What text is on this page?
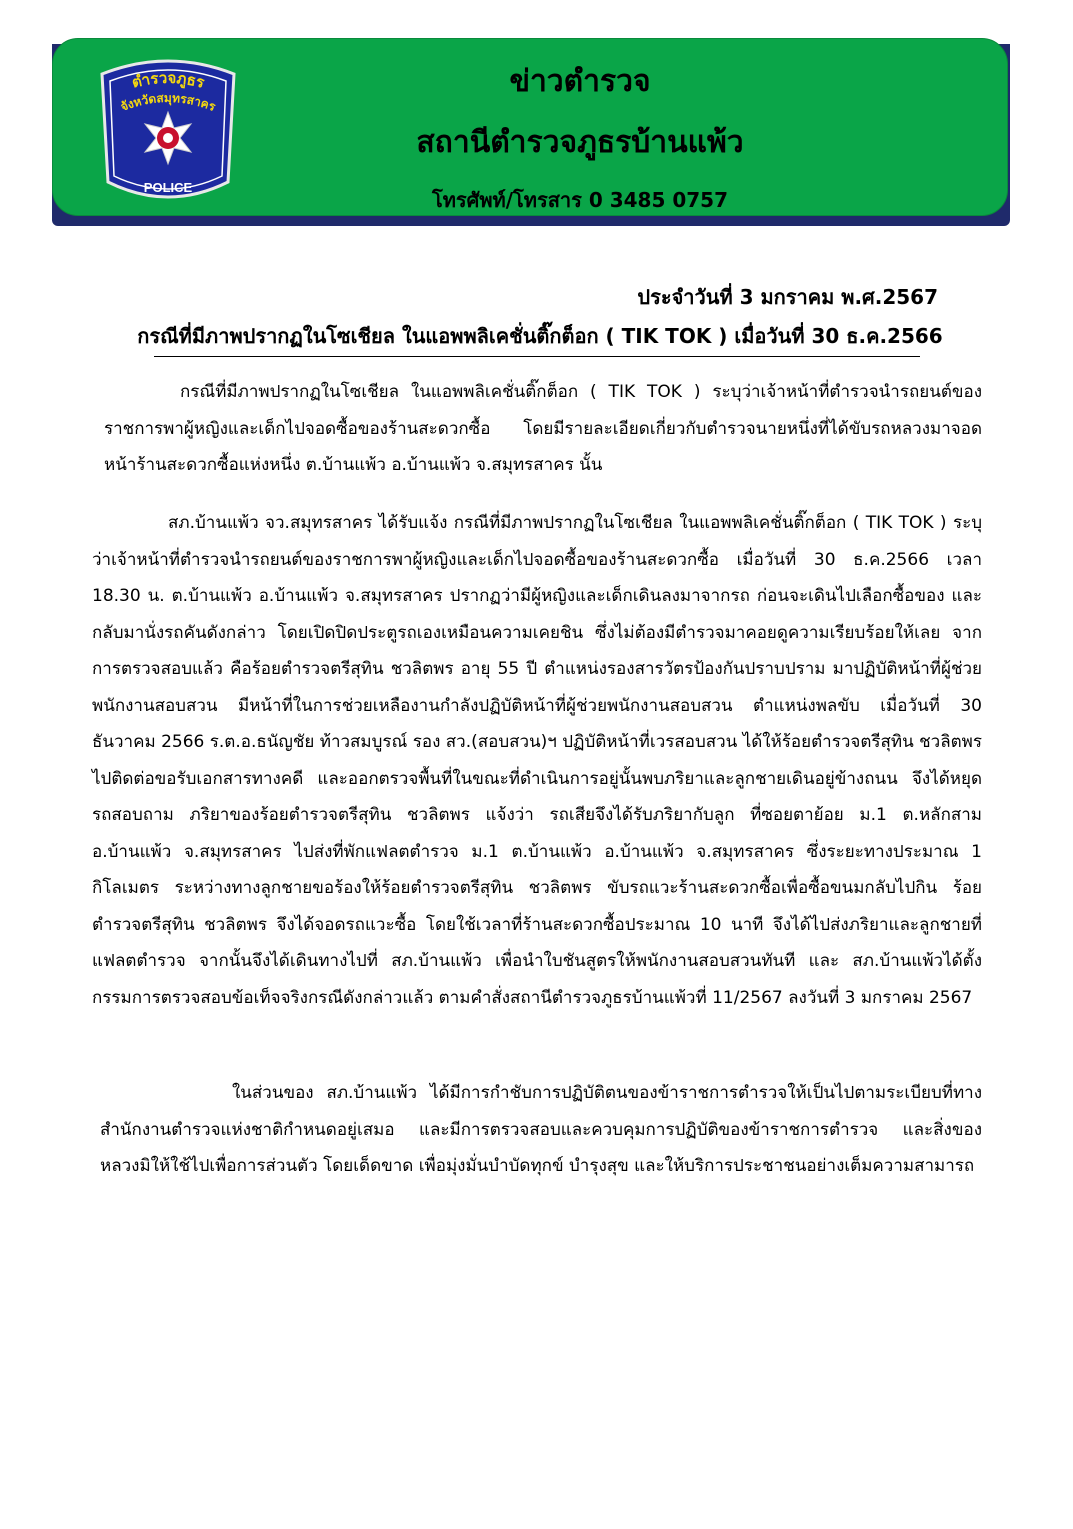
ตำรวจภูธร
จังหวัดสมุทรสาคร
POLICE
ข่าวตำรวจ
สถานีตำรวจภูธรบ้านแพ้ว
โทรศัพท์/โทรสาร 0 3485 0757
ประจำวันที่ 3 มกราคม พ.ศ.2567
กรณีที่มีภาพปรากฏในโซเชียล ในแอพพลิเคชั่นติ๊กต็อก ( TIK TOK ) เมื่อวันที่ 30 ธ.ค.2566
กรณีที่มีภาพปรากฏในโซเชียล ในแอพพลิเคชั่นติ๊กต็อก ( TIK TOK ) ระบุว่าเจ้าหน้าที่ตำรวจนำรถยนต์ของราชการพาผู้หญิงและเด็กไปจอดซื้อของร้านสะดวกซื้อ โดยมีรายละเอียดเกี่ยวกับตำรวจนายหนึ่งที่ได้ขับรถหลวงมาจอดหน้าร้านสะดวกซื้อแห่งหนึ่ง ต.บ้านแพ้ว อ.บ้านแพ้ว จ.สมุทรสาคร นั้น
สภ.บ้านแพ้ว จว.สมุทรสาคร ได้รับแจ้ง กรณีที่มีภาพปรากฏในโซเชียล ในแอพพลิเคชั่นติ๊กต็อก ( TIK TOK ) ระบุว่าเจ้าหน้าที่ตำรวจนำรถยนต์ของราชการพาผู้หญิงและเด็กไปจอดซื้อของร้านสะดวกซื้อ เมื่อวันที่ 30 ธ.ค.2566 เวลา 18.30 น. ต.บ้านแพ้ว อ.บ้านแพ้ว จ.สมุทรสาคร ปรากฏว่ามีผู้หญิงและเด็กเดินลงมาจากรถ ก่อนจะเดินไปเลือกซื้อของ และกลับมานั่งรถคันดังกล่าว โดยเปิดปิดประตูรถเองเหมือนความเคยชิน ซึ่งไม่ต้องมีตำรวจมาคอยดูความเรียบร้อยให้เลย จากการตรวจสอบแล้ว คือร้อยตำรวจตรีสุทิน ชวลิตพร อายุ 55 ปี ตำแหน่งรองสารวัตรป้องกันปราบปราม มาปฏิบัติหน้าที่ผู้ช่วยพนักงานสอบสวน มีหน้าที่ในการช่วยเหลืองานกำลังปฏิบัติหน้าที่ผู้ช่วยพนักงานสอบสวน ตำแหน่งพลขับ เมื่อวันที่ 30 ธันวาคม 2566 ร.ต.อ.ธนัญชัย ท้าวสมบูรณ์ รอง สว.(สอบสวน)ฯ ปฏิบัติหน้าที่เวรสอบสวน ได้ให้ร้อยตำรวจตรีสุทิน ชวลิตพร ไปติดต่อขอรับเอกสารทางคดี และออกตรวจพื้นที่ในขณะที่ดำเนินการอยู่นั้นพบภริยาและลูกชายเดินอยู่ข้างถนน จึงได้หยุดรถสอบถาม ภริยาของร้อยตำรวจตรีสุทิน ชวลิตพร แจ้งว่า รถเสียจึงได้รับภริยากับลูก ที่ซอยตาย้อย ม.1 ต.หลักสาม อ.บ้านแพ้ว จ.สมุทรสาคร ไปส่งที่พักแฟลตตำรวจ ม.1 ต.บ้านแพ้ว อ.บ้านแพ้ว จ.สมุทรสาคร ซึ่งระยะทางประมาณ 1 กิโลเมตร ระหว่างทางลูกชายขอร้องให้ร้อยตำรวจตรีสุทิน ชวลิตพร ขับรถแวะร้านสะดวกซื้อเพื่อซื้อขนมกลับไปกิน ร้อยตำรวจตรีสุทิน ชวลิตพร จึงได้จอดรถแวะซื้อ โดยใช้เวลาที่ร้านสะดวกซื้อประมาณ 10 นาที จึงได้ไปส่งภริยาและลูกชายที่แฟลตตำรวจ จากนั้นจึงได้เดินทางไปที่ สภ.บ้านแพ้ว เพื่อนำใบชันสูตรให้พนักงานสอบสวนทันที และ สภ.บ้านแพ้วได้ตั้งกรรมการตรวจสอบข้อเท็จจริงกรณีดังกล่าวแล้ว ตามคำสั่งสถานีตำรวจภูธรบ้านแพ้วที่ 11/2567 ลงวันที่ 3 มกราคม 2567
ในส่วนของ สภ.บ้านแพ้ว ได้มีการกำชับการปฏิบัติตนของข้าราชการตำรวจให้เป็นไปตามระเบียบที่ทางสำนักงานตำรวจแห่งชาติกำหนดอยู่เสมอ และมีการตรวจสอบและควบคุมการปฏิบัติของข้าราชการตำรวจ และสิ่งของหลวงมิให้ใช้ไปเพื่อการส่วนตัว โดยเด็ดขาด เพื่อมุ่งมั่นบำบัดทุกข์ บำรุงสุข และให้บริการประชาชนอย่างเต็มความสามารถ
